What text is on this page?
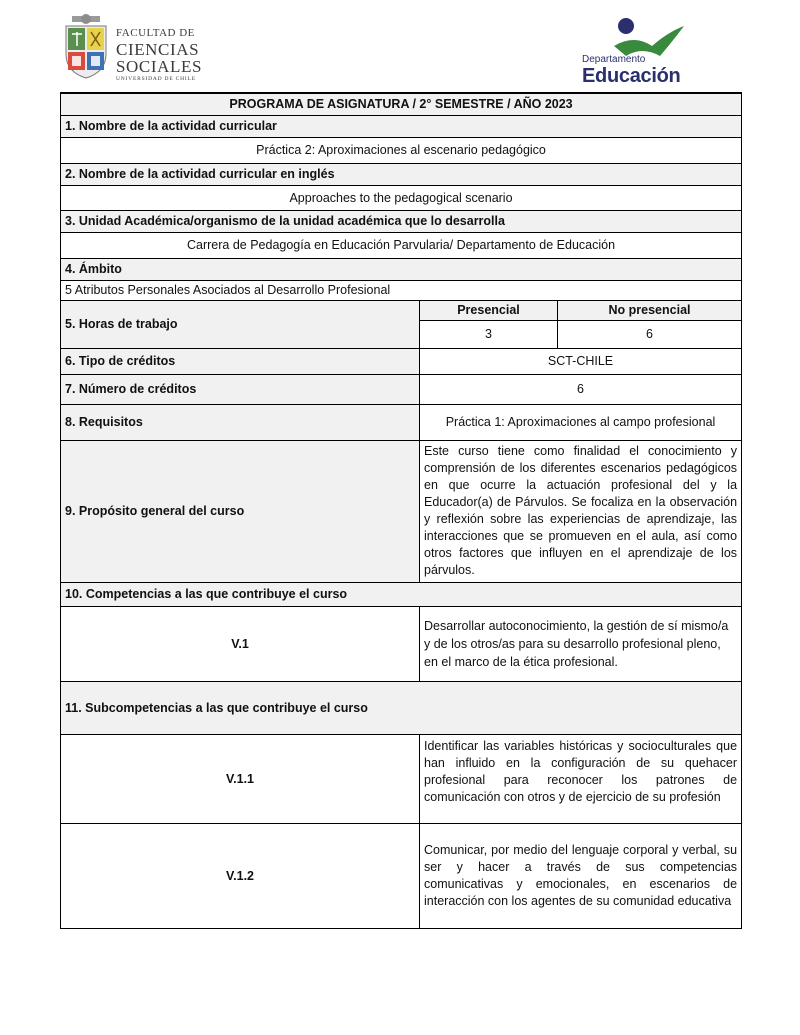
FACULTAD DE
CIENCIAS
SOCIALES
UNIVERSIDAD DE CHILE
Departamento
Educación
PROGRAMA DE ASIGNATURA / 2° SEMESTRE / AÑO 2023		
1. Nombre de la actividad curricular		
Práctica 2: Aproximaciones al escenario pedagógico		
2. Nombre de la actividad curricular en inglés		
Approaches to the pedagogical scenario		
3. Unidad Académica/organismo de la unidad académica que lo desarrolla		
Carrera de Pedagogía en Educación Parvularia/ Departamento de Educación		
4. Ámbito		
5 Atributos Personales Asociados al Desarrollo Profesional		
5. Horas de trabajo	Presencial	No presencial
	3	6
6. Tipo de créditos	SCT-CHILE	
7. Número de créditos	6	
8. Requisitos	Práctica 1: Aproximaciones al campo profesional	
9. Propósito general del curso	Este curso tiene como finalidad el conocimiento y comprensión de los diferentes escenarios pedagógicos en que ocurre la actuación profesional del y la Educador(a) de Párvulos. Se focaliza en la observación y reflexión sobre las experiencias de aprendizaje, las interacciones que se promueven en el aula, así como otros factores que influyen en el aprendizaje de los párvulos.	
10. Competencias a las que contribuye el curso		
V.1	Desarrollar autoconocimiento, la gestión de sí mismo/a y de los otros/as para su desarrollo profesional pleno, en el marco de la ética profesional.	
11. Subcompetencias a las que contribuye el curso		
V.1.1	Identificar las variables históricas y socioculturales que han influido en la configuración de su quehacer profesional para reconocer los patrones de comunicación con otros y de ejercicio de su profesión	
V.1.2	Comunicar, por medio del lenguaje corporal y verbal, su ser y hacer a través de sus competencias comunicativas y emocionales, en escenarios de interacción con los agentes de su comunidad educativa	
